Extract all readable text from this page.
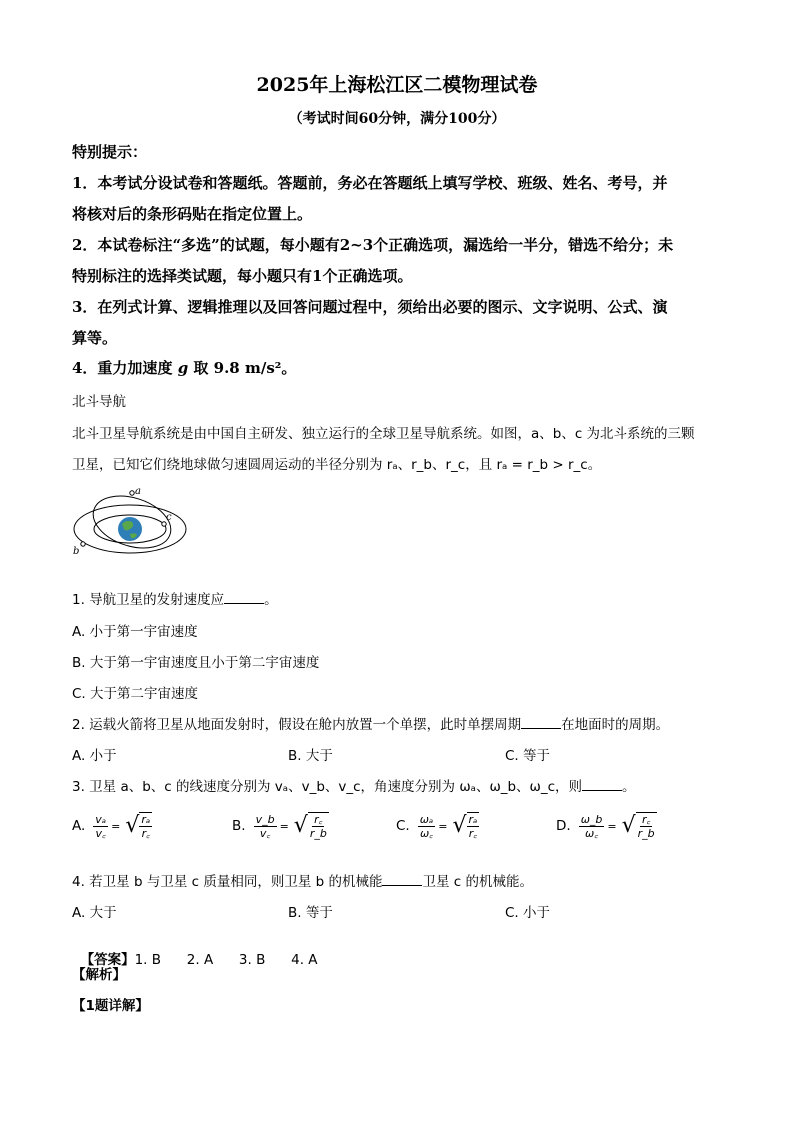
2025年上海松江区二模物理试卷
（考试时间60分钟，满分100分）
特别提示：
1．本考试分设试卷和答题纸。答题前，务必在答题纸上填写学校、班级、姓名、考号，并
将核对后的条形码贴在指定位置上。
2．本试卷标注“多选”的试题，每小题有2~3个正确选项，漏选给一半分，错选不给分；未
特别标注的选择类试题，每小题只有1个正确选项。
3．在列式计算、逻辑推理以及回答问题过程中，须给出必要的图示、文字说明、公式、演
算等。
4．重力加速度 g 取 9.8 m/s²。
北斗导航
北斗卫星导航系统是由中国自主研发、独立运行的全球卫星导航系统。如图，a、b、c 为北斗系统的三颗
卫星，已知它们绕地球做匀速圆周运动的半径分别为 rₐ、r_b、r_c，且 rₐ = r_b > r_c。
a
b
c
1. 导航卫星的发射速度应	。
A. 小于第一宇宙速度
B. 大于第一宇宙速度且小于第二宇宙速度
C. 大于第二宇宙速度
2. 运载火箭将卫星从地面发射时，假设在舱内放置一个单摆，此时单摆周期	在地面时的周期。
A. 小于	B. 大于	C. 等于
3. 卫星 a、b、c 的线速度分别为 vₐ、v_b、v_c，角速度分别为 ωₐ、ω_b、ω_c，则	。
A. $\frac{\text{vₐ}}{v꜀}$ = √ $\frac{\text{rₐ}}{r꜀}$	B. $\frac{v\_b}{v꜀}$ = √ $\frac{r꜀}{r\_b}$	C. $\frac{\text{ωₐ}}{\omega꜀}$ = √ $\frac{\text{rₐ}}{r꜀}$	D. $\frac{\omega\_b}{\omega꜀}$ = √ $\frac{r꜀}{r\_b}$
4. 若卫星 b 与卫星 c 质量相同，则卫星 b 的机械能	卫星 c 的机械能。
A. 大于	B. 等于	C. 小于

【答案】1. B      2. A      3. B      4. A

【解析】
【1题详解】
